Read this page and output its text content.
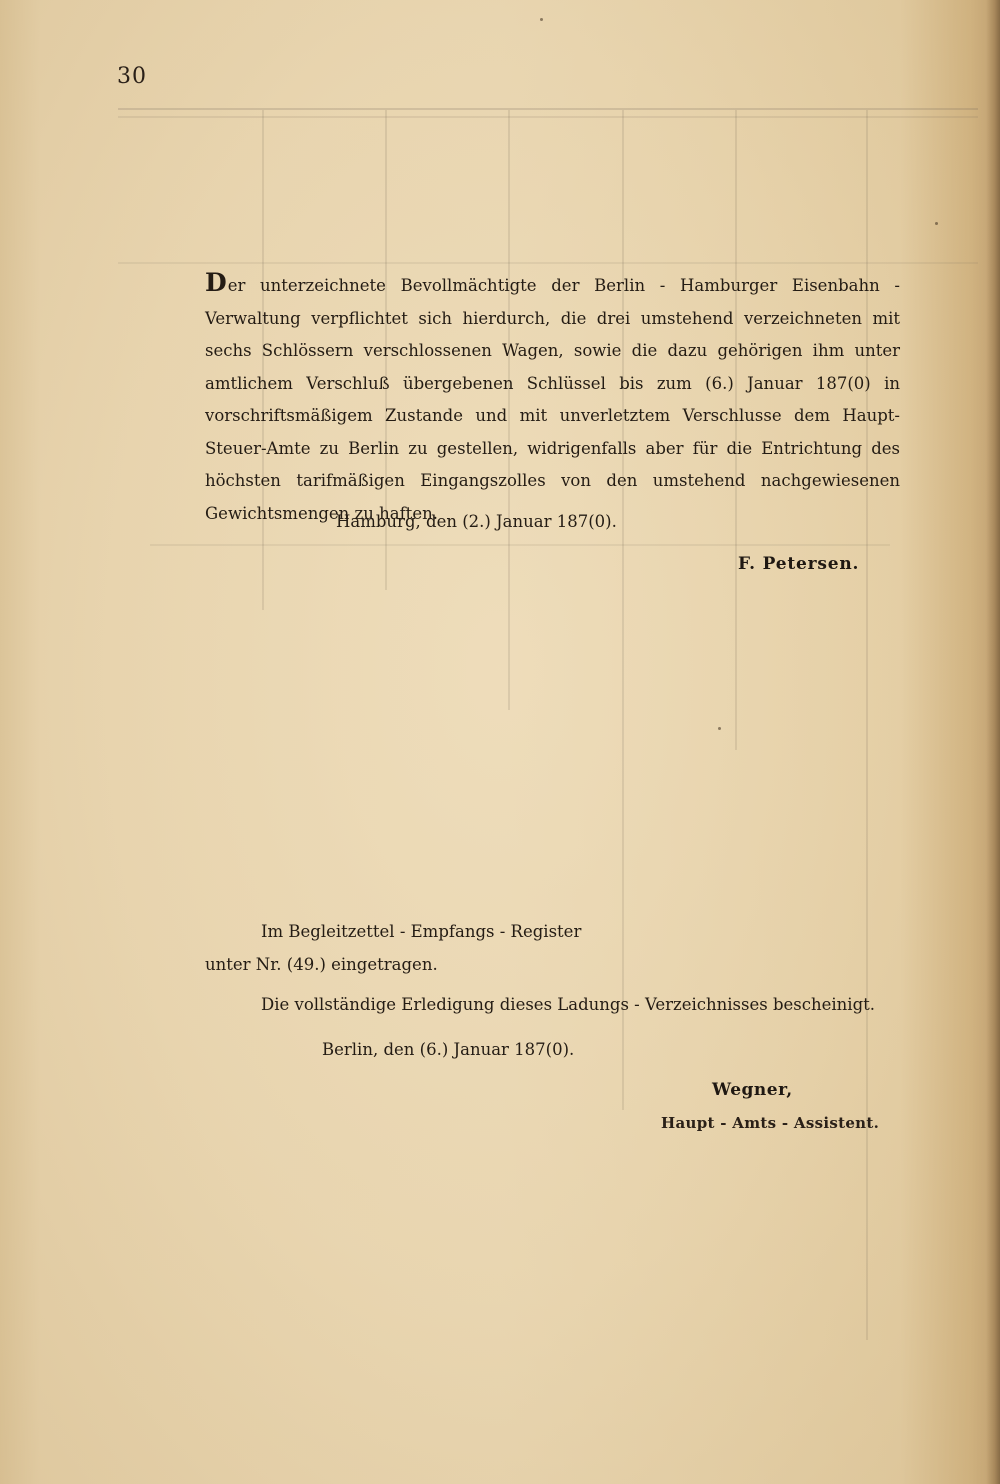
30
Der unterzeichnete Bevollmächtigte der Berlin - Hamburger Eisenbahn - Verwaltung verpflichtet sich hierdurch, die drei umstehend verzeichneten mit sechs Schlössern verschlossenen Wagen, sowie die dazu gehörigen ihm unter amtlichem Verschluß übergebenen Schlüssel bis zum (6.) Januar 187(0) in vorschriftsmäßigem Zustande und mit unverletztem Verschlusse dem Haupt-Steuer-Amte zu Berlin zu gestellen, widrigenfalls aber für die Entrichtung des höchsten tarifmäßigen Eingangszolles von den umstehend nachgewiesenen Gewichtsmengen zu haften.
Hamburg, den (2.) Januar 187(0).
F. Petersen.
Im Begleitzettel - Empfangs - Register
unter Nr. (49.) eingetragen.
Die vollständige Erledigung dieses Ladungs - Verzeichnisses bescheinigt.
Berlin, den (6.) Januar 187(0).
Wegner,
Haupt - Amts - Assistent.
